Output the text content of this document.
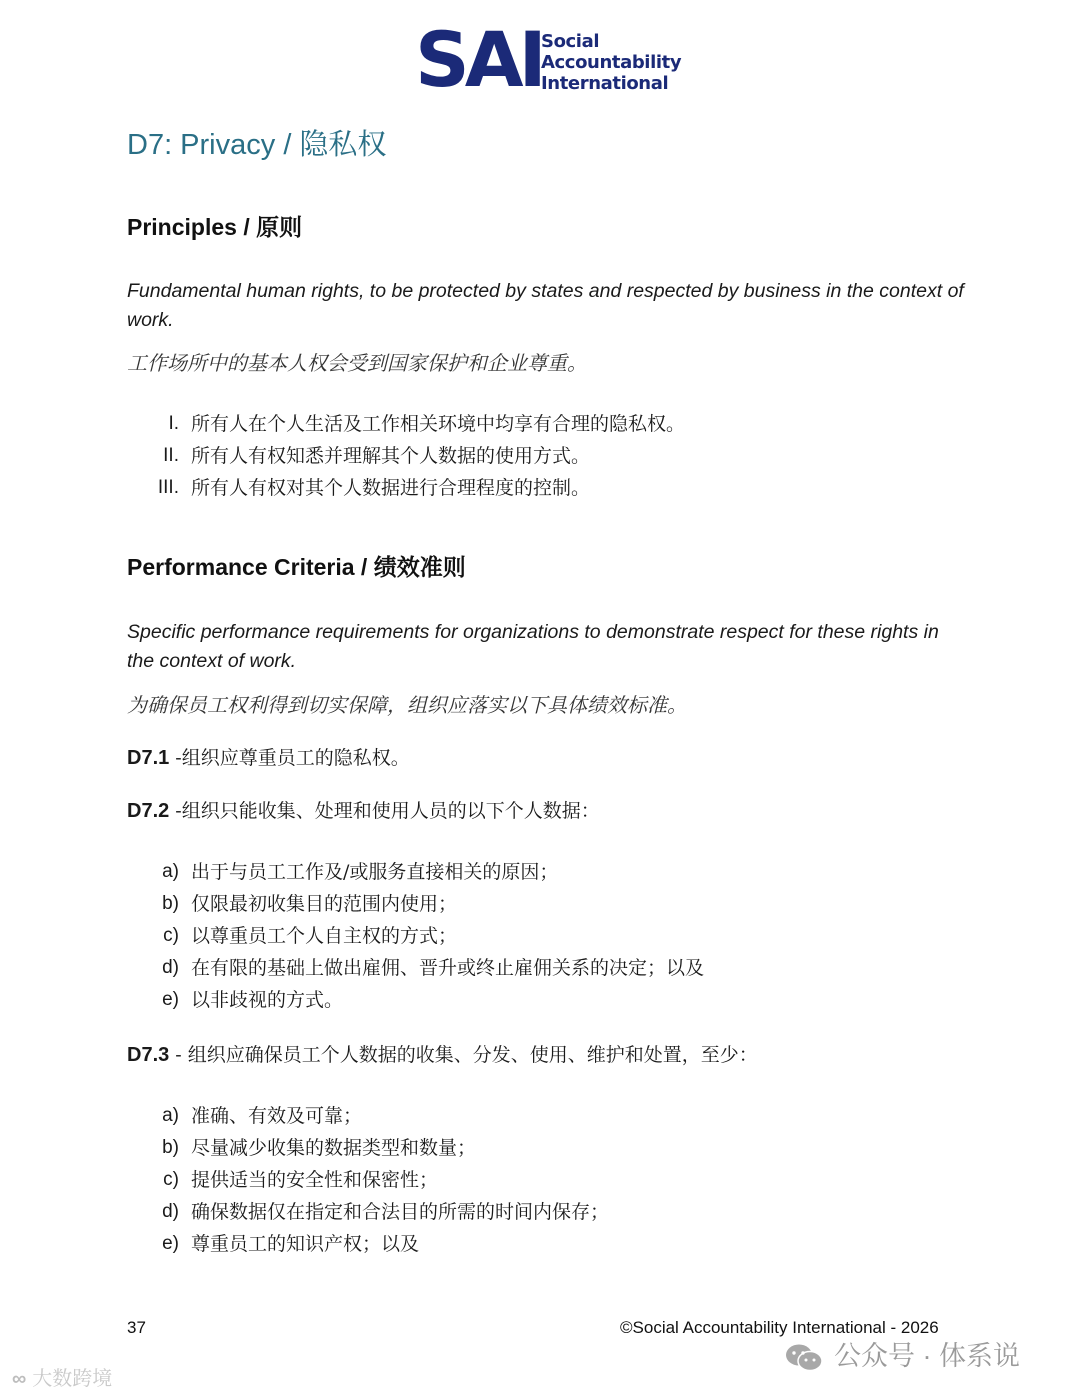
SAI Social
Accountability
International
D7: Privacy / 隐私权
Principles / 原则
Fundamental human rights, to be protected by states and respected by business in the context of work.
工作场所中的基本人权会受到国家保护和企业尊重。
I. 所有人在个人生活及工作相关环境中均享有合理的隐私权。
II. 所有人有权知悉并理解其个人数据的使用方式。
III. 所有人有权对其个人数据进行合理程度的控制。
Performance Criteria / 绩效准则
Specific performance requirements for organizations to demonstrate respect for these rights in the context of work.
为确保员工权利得到切实保障，组织应落实以下具体绩效标准。
D7.1 -组织应尊重员工的隐私权。
D7.2 -组织只能收集、处理和使用人员的以下个人数据：
a) 出于与员工工作及/或服务直接相关的原因；
b) 仅限最初收集目的范围内使用；
c) 以尊重员工个人自主权的方式；
d) 在有限的基础上做出雇佣、晋升或终止雇佣关系的决定；以及
e) 以非歧视的方式。
D7.3 - 组织应确保员工个人数据的收集、分发、使用、维护和处置，至少：
a) 准确、有效及可靠；
b) 尽量减少收集的数据类型和数量；
c) 提供适当的安全性和保密性；
d) 确保数据仅在指定和合法目的所需的时间内保存；
e) 尊重员工的知识产权；以及
37	©Social Accountability International - 2026
∞ 大数跨境
公众号 · 体系说
